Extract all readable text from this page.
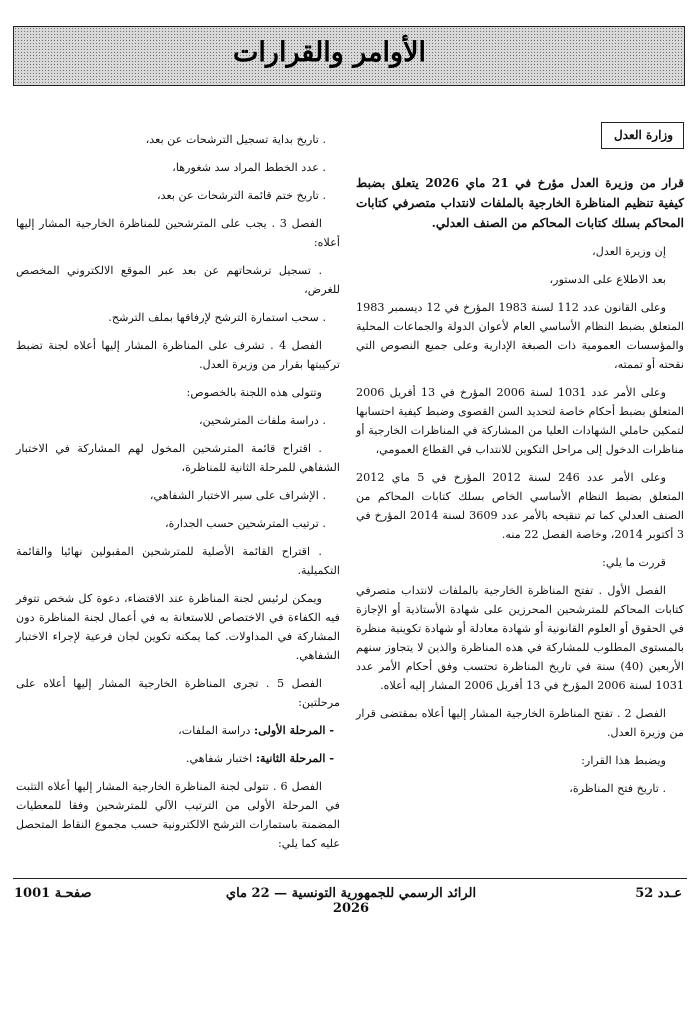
الأوامر والقرارات
وزارة العدل

قرار من وزيرة العدل مؤرخ في 21 ماي 2026 يتعلق بضبط كيفية تنظيم المناظرة الخارجية بالملفات لانتداب متصرفي كتابات المحاكم بسلك كتابات المحاكم من الصنف العدلي.

إن وزيرة العدل،

بعد الاطلاع على الدستور،

وعلى القانون عدد 112 لسنة 1983 المؤرخ في 12 ديسمبر 1983 المتعلق بضبط النظام الأساسي العام لأعوان الدولة والجماعات المحلية والمؤسسات العمومية ذات الصبغة الإدارية وعلى جميع النصوص التي نقحته أو تممته،

وعلى الأمر عدد 1031 لسنة 2006 المؤرخ في 13 أفريل 2006 المتعلق بضبط أحكام خاصة لتحديد السن القصوى وضبط كيفية احتسابها لتمكين حاملي الشهادات العليا من المشاركة في المناظرات الخارجية أو مناظرات الدخول إلى مراحل التكوين للانتداب في القطاع العمومي،

وعلى الأمر عدد 246 لسنة 2012 المؤرخ في 5 ماي 2012 المتعلق بضبط النظام الأساسي الخاص بسلك كتابات المحاكم من الصنف العدلي كما تم تنقيحه بالأمر عدد 3609 لسنة 2014 المؤرخ في 3 أكتوبر 2014، وخاصة الفصل 22 منه.

قررت ما يلي:

الفصل الأول . تفتح المناظرة الخارجية بالملفات لانتداب متصرفي كتابات المحاكم للمترشحين المحرزين على شهادة الأستاذية أو الإجازة في الحقوق أو العلوم القانونية أو شهادة معادلة أو شهادة تكوينية منظرة بالمستوى المطلوب للمشاركة في هذه المناظرة والذين لا يتجاوز سنهم الأربعين (40) سنة في تاريخ المناظرة تحتسب وفق أحكام الأمر عدد 1031 لسنة 2006 المؤرخ في 13 أفريل 2006 المشار إليه أعلاه.

الفصل 2 . تفتح المناظرة الخارجية المشار إليها أعلاه بمقتضى قرار من وزيرة العدل.

ويضبط هذا القرار:

. تاريخ فتح المناظرة،

. تاريخ بداية تسجيل الترشحات عن بعد،

. عدد الخطط المراد سد شغورها،

. تاريخ ختم قائمة الترشحات عن بعد،

الفصل 3 . يجب على المترشحين للمناظرة الخارجية المشار إليها أعلاه:

. تسجيل ترشحاتهم عن بعد عبر الموقع الالكتروني المخصص للغرض،

. سحب استمارة الترشح لإرفاقها بملف الترشح.

الفصل 4 . تشرف على المناظرة المشار إليها أعلاه لجنة تضبط تركيبتها بقرار من وزيرة العدل.

وتتولى هذه اللجنة بالخصوص:

. دراسة ملفات المترشحين،

. اقتراح قائمة المترشحين المخول لهم المشاركة في الاختبار الشفاهي للمرحلة الثانية للمناظرة،

. الإشراف على سير الاختبار الشفاهي،

. ترتيب المترشحين حسب الجدارة،

. اقتراح القائمة الأصلية للمترشحين المقبولين نهائيا والقائمة التكميلية.

ويمكن لرئيس لجنة المناظرة عند الاقتضاء، دعوة كل شخص تتوفر فيه الكفاءة في الاختصاص للاستعانة به في أعمال لجنة المناظرة دون المشاركة في المداولات. كما يمكنه تكوين لجان فرعية لإجراء الاختبار الشفاهي.

الفصل 5 . تجرى المناظرة الخارجية المشار إليها أعلاه على مرحلتين:

- المرحلة الأولى: دراسة الملفات،

- المرحلة الثانية: اختبار شفاهي.

الفصل 6 . تتولى لجنة المناظرة الخارجية المشار إليها أعلاه التثبت في المرحلة الأولى من الترتيب الآلي للمترشحين وفقا للمعطيات المضمنة باستمارات الترشح الالكترونية حسب مجموع النقاط المتحصل عليه كما يلي:

عـدد 52
الرائد الرسمي للجمهورية التونسية — 22 ماي 2026
صفحـة 1001
